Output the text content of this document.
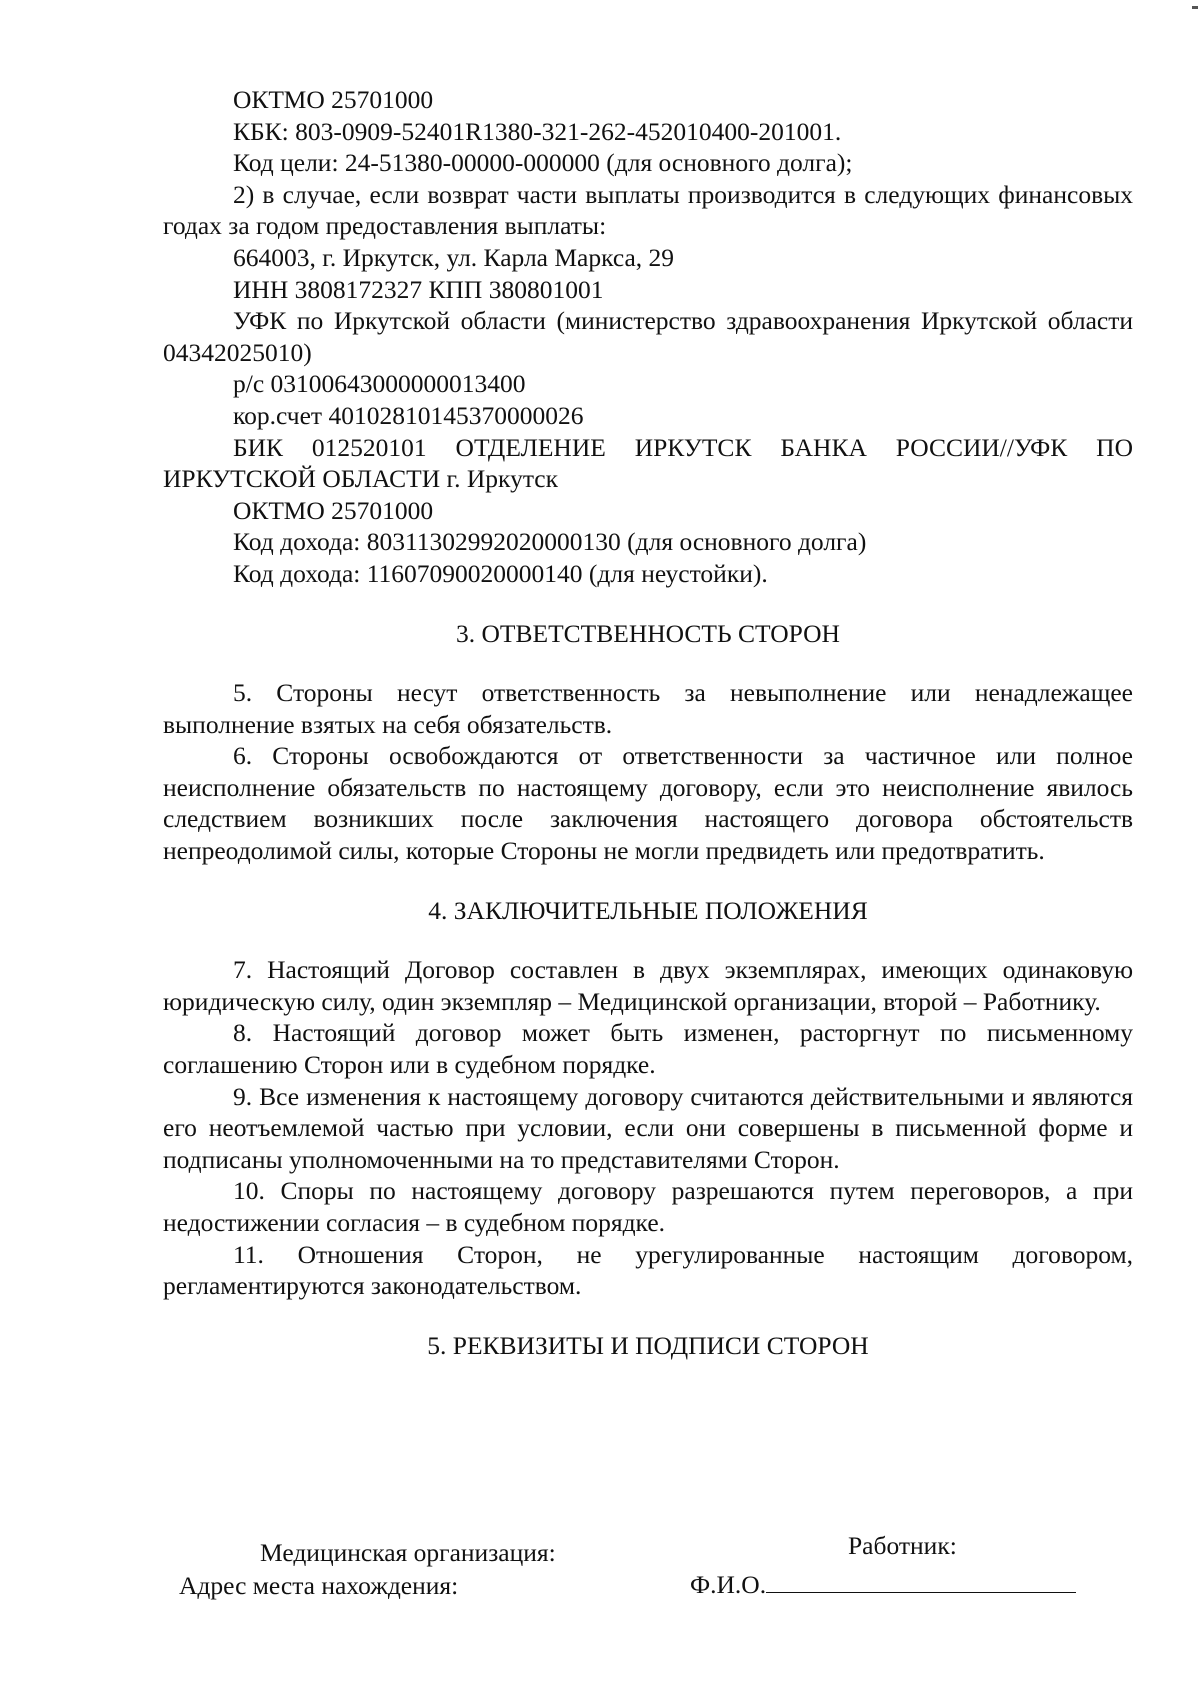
ОКТМО 25701000

КБК: 803-0909-52401R1380-321-262-452010400-201001.

Код цели: 24-51380-00000-000000 (для основного долга);

2) в случае, если возврат части выплаты производится в следующих финансовых годах за годом предоставления выплаты:

664003, г. Иркутск, ул. Карла Маркса, 29

ИНН 3808172327 КПП 380801001

УФК по Иркутской области (министерство здравоохранения Иркутской области 04342025010)

р/с 03100643000000013400

кор.счет 40102810145370000026

БИК 012520101 ОТДЕЛЕНИЕ ИРКУТСК БАНКА РОССИИ//УФК ПО ИРКУТСКОЙ ОБЛАСТИ г. Иркутск

ОКТМО 25701000

Код дохода: 80311302992020000130 (для основного долга)

Код дохода: 11607090020000140 (для неустойки).

3. ОТВЕТСТВЕННОСТЬ СТОРОН

5. Стороны несут ответственность за невыполнение или ненадлежащее выполнение взятых на себя обязательств.

6. Стороны освобождаются от ответственности за частичное или полное неисполнение обязательств по настоящему договору, если это неисполнение явилось следствием возникших после заключения настоящего договора обстоятельств непреодолимой силы, которые Стороны не могли предвидеть или предотвратить.

4. ЗАКЛЮЧИТЕЛЬНЫЕ ПОЛОЖЕНИЯ

7. Настоящий Договор составлен в двух экземплярах, имеющих одинаковую юридическую силу, один экземпляр – Медицинской организации, второй – Работнику.

8. Настоящий договор может быть изменен, расторгнут по письменному соглашению Сторон или в судебном порядке.

9. Все изменения к настоящему договору считаются действительными и являются его неотъемлемой частью при условии, если они совершены в письменной форме и подписаны уполномоченными на то представителями Сторон.

10. Споры по настоящему договору разрешаются путем переговоров, а при недостижении согласия – в судебном порядке.

11. Отношения Сторон, не урегулированные настоящим договором, регламентируются законодательством.

5. РЕКВИЗИТЫ И ПОДПИСИ СТОРОН

Медицинская организация:	Работник:
Адрес места нахождения:	Ф.И.О.
